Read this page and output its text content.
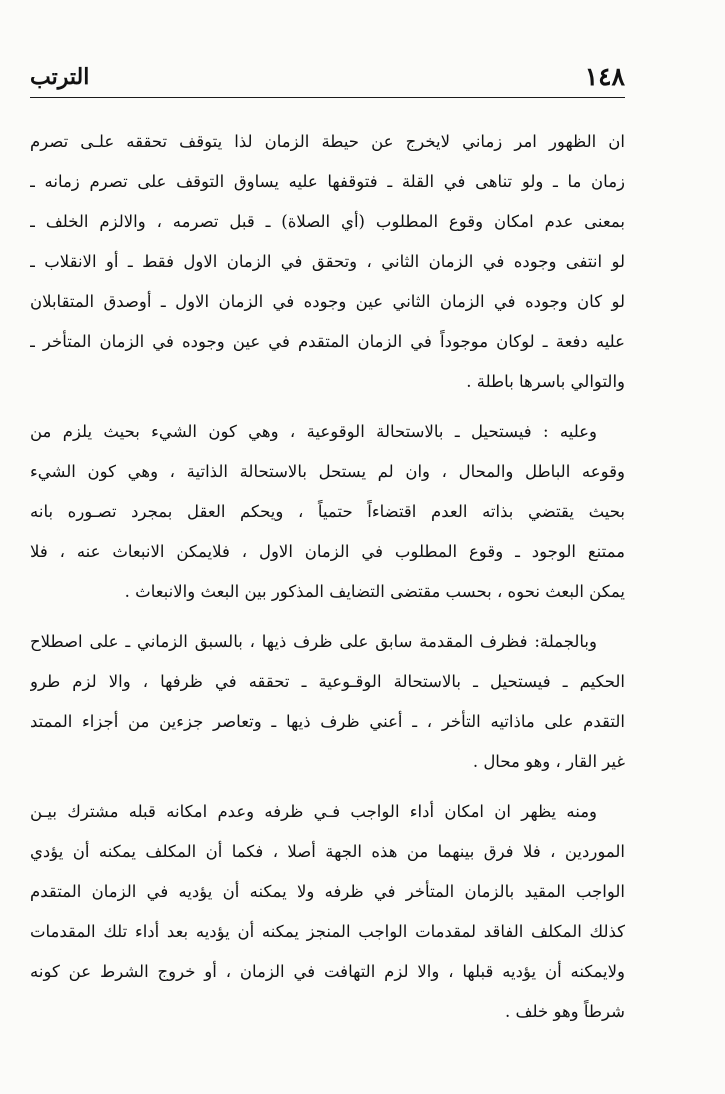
الترتب	١٤٨

ان الظهور امر زماني لايخرج عن حيطة الزمان لذا يتوقف تحققه علـى تصرم
زمان ما ـ ولو تناهى في القلة ـ فتوقفها عليه يساوق التوقف على تصرم زمانه ـ
بمعنى عدم امكان وقوع المطلوب (أي الصلاة) ـ قبل تصرمه ، والالزم الخلف ـ
لو انتفى وجوده في الزمان الثاني ، وتحقق في الزمان الاول فقط ـ أو الانقلاب ـ
لو كان وجوده في الزمان الثاني عين وجوده في الزمان الاول ـ أوصدق المتقابلان
عليه دفعة ـ لوكان موجوداً في الزمان المتقدم في عين وجوده في الزمان المتأخر ـ
والتوالي باسرها باطلة .

وعليه : فيستحيل ـ بالاستحالة الوقوعية ، وهي كون الشيء بحيث يلزم من
وقوعه الباطل والمحال ، وان لم يستحل بالاستحالة الذاتية ، وهي كون الشيء
بحيث يقتضي بذاته العدم اقتضاءاً حتمياً ، ويحكم العقل بمجرد تصـوره بانه
ممتنع الوجود ـ وقوع المطلوب في الزمان الاول ، فلايمكن الانبعاث عنه ، فلا
يمكن البعث نحوه ، بحسب مقتضى التضايف المذكور بين البعث والانبعاث .

وبالجملة: فظرف المقدمة سابق على ظرف ذيها ، بالسبق الزماني ـ على اصطلاح
الحكيم ـ فيستحيل ـ بالاستحالة الوقـوعية ـ تحققه في ظرفها ، والا لزم طرو
التقدم على ماذاتيه التأخر ، ـ أعني ظرف ذيها ـ وتعاصر جزءين من أجزاء الممتد
غير القار ، وهو محال .

ومنه يظهر ان امكان أداء الواجب فـي ظرفه وعدم امكانه قبله مشترك بيـن
الموردين ، فلا فرق بينهما من هذه الجهة أصلا ، فكما أن المكلف يمكنه أن يؤدي
الواجب المقيد بالزمان المتأخر في ظرفه ولا يمكنه أن يؤديه في الزمان المتقدم
كذلك المكلف الفاقد لمقدمات الواجب المنجز يمكنه أن يؤديه بعد أداء تلك المقدمات
ولايمكنه أن يؤديه قبلها ، والا لزم التهافت في الزمان ، أو خروج الشرط عن كونه
شرطاً وهو خلف .
